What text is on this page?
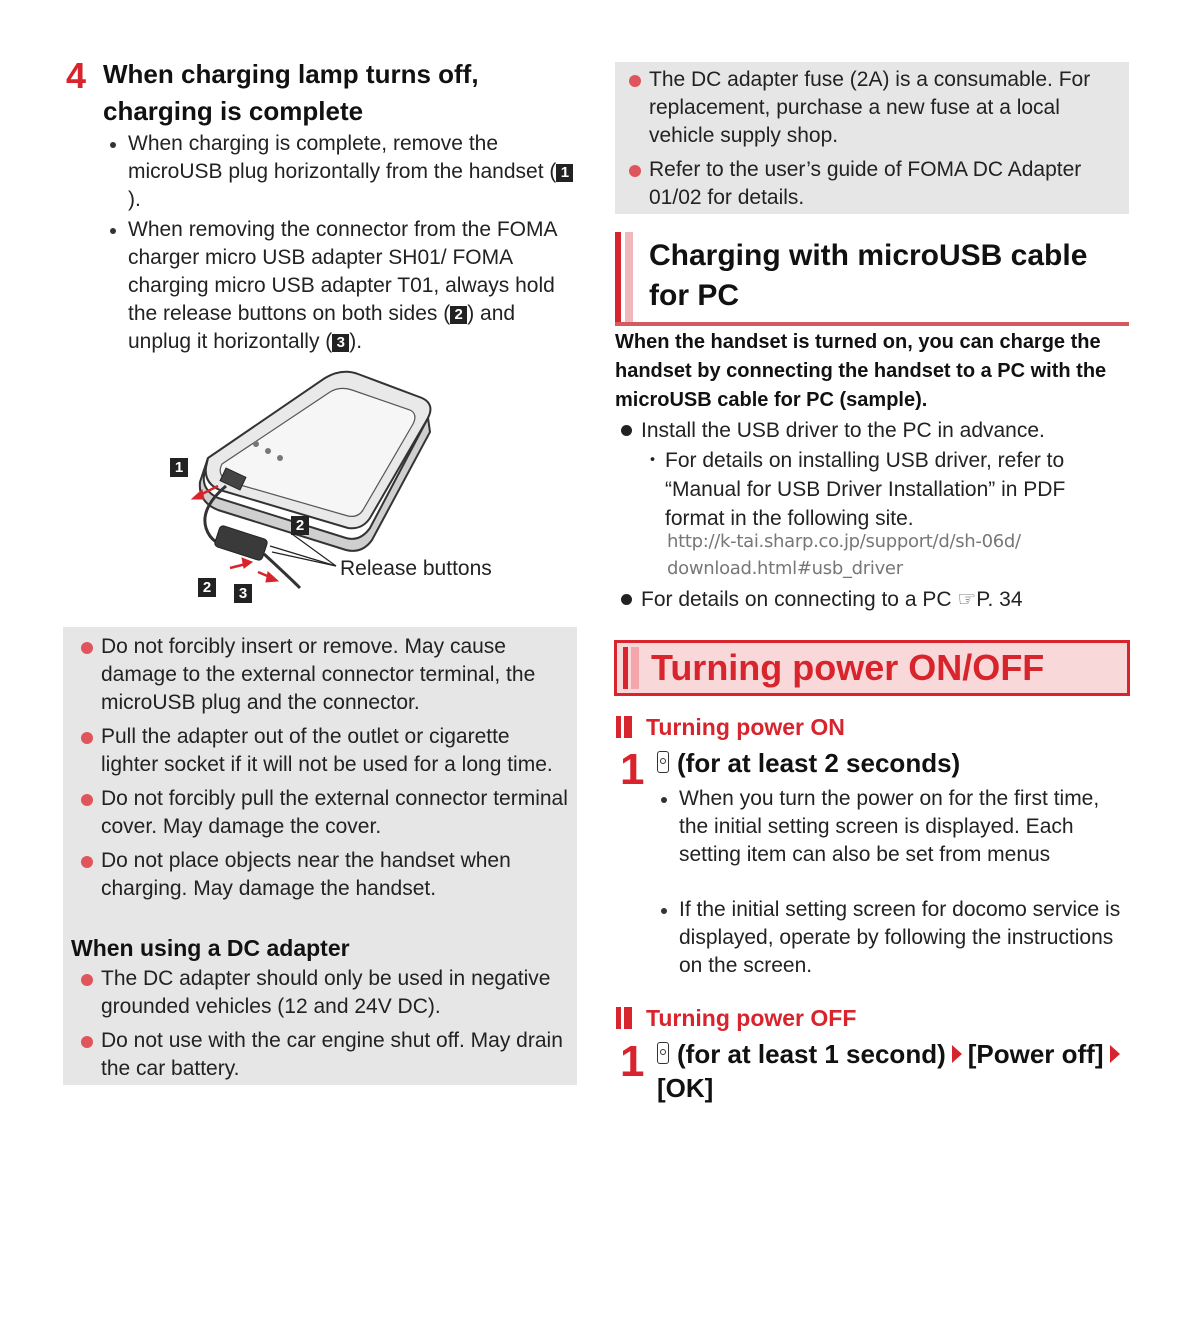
4 When charging lamp turns off, charging is complete
When charging is complete, remove the microUSB plug horizontally from the handset ( 1).
When removing the connector from the FOMA charger micro USB adapter SH01/ FOMA charging micro USB adapter T01, always hold the release buttons on both sides ( 2 ) and unplug it horizontally ( 3 ).
1
2
2 3
Release buttons
Do not forcibly insert or remove. May cause damage to the external connector terminal, the microUSB plug and the connector.
Pull the adapter out of the outlet or cigarette lighter socket if it will not be used for a long time.
Do not forcibly pull the external connector terminal cover. May damage the cover.
Do not place objects near the handset when charging. May damage the handset.
When using a DC adapter
The DC adapter should only be used in negative grounded vehicles (12 and 24V DC).
Do not use with the car engine shut off. May drain the car battery.
The DC adapter fuse (2A) is a consumable. For replacement, purchase a new fuse at a local vehicle supply shop.
Refer to the user’s guide of FOMA DC Adapter 01/02 for details.
Charging with microUSB cable for PC
When the handset is turned on, you can charge the handset by connecting the handset to a PC with the microUSB cable for PC (sample).
Install the USB driver to the PC in advance.
・ For details on installing USB driver, refer to “Manual for USB Driver Installation” in PDF format in the following site.
http://k-tai.sharp.co.jp/support/d/sh-06d/
download.html#usb_driver
For details on connecting to a PC ☞P. 34
Turning power ON/OFF
Turning power ON
1	(for at least 2 seconds)
When you turn the power on for the first time, the initial setting screen is displayed. Each setting item can also be set from menus
If the initial setting screen for docomo service is displayed, operate by following the instructions on the screen.
Turning power OFF
1	(for at least 1 second) [Power off][OK]
